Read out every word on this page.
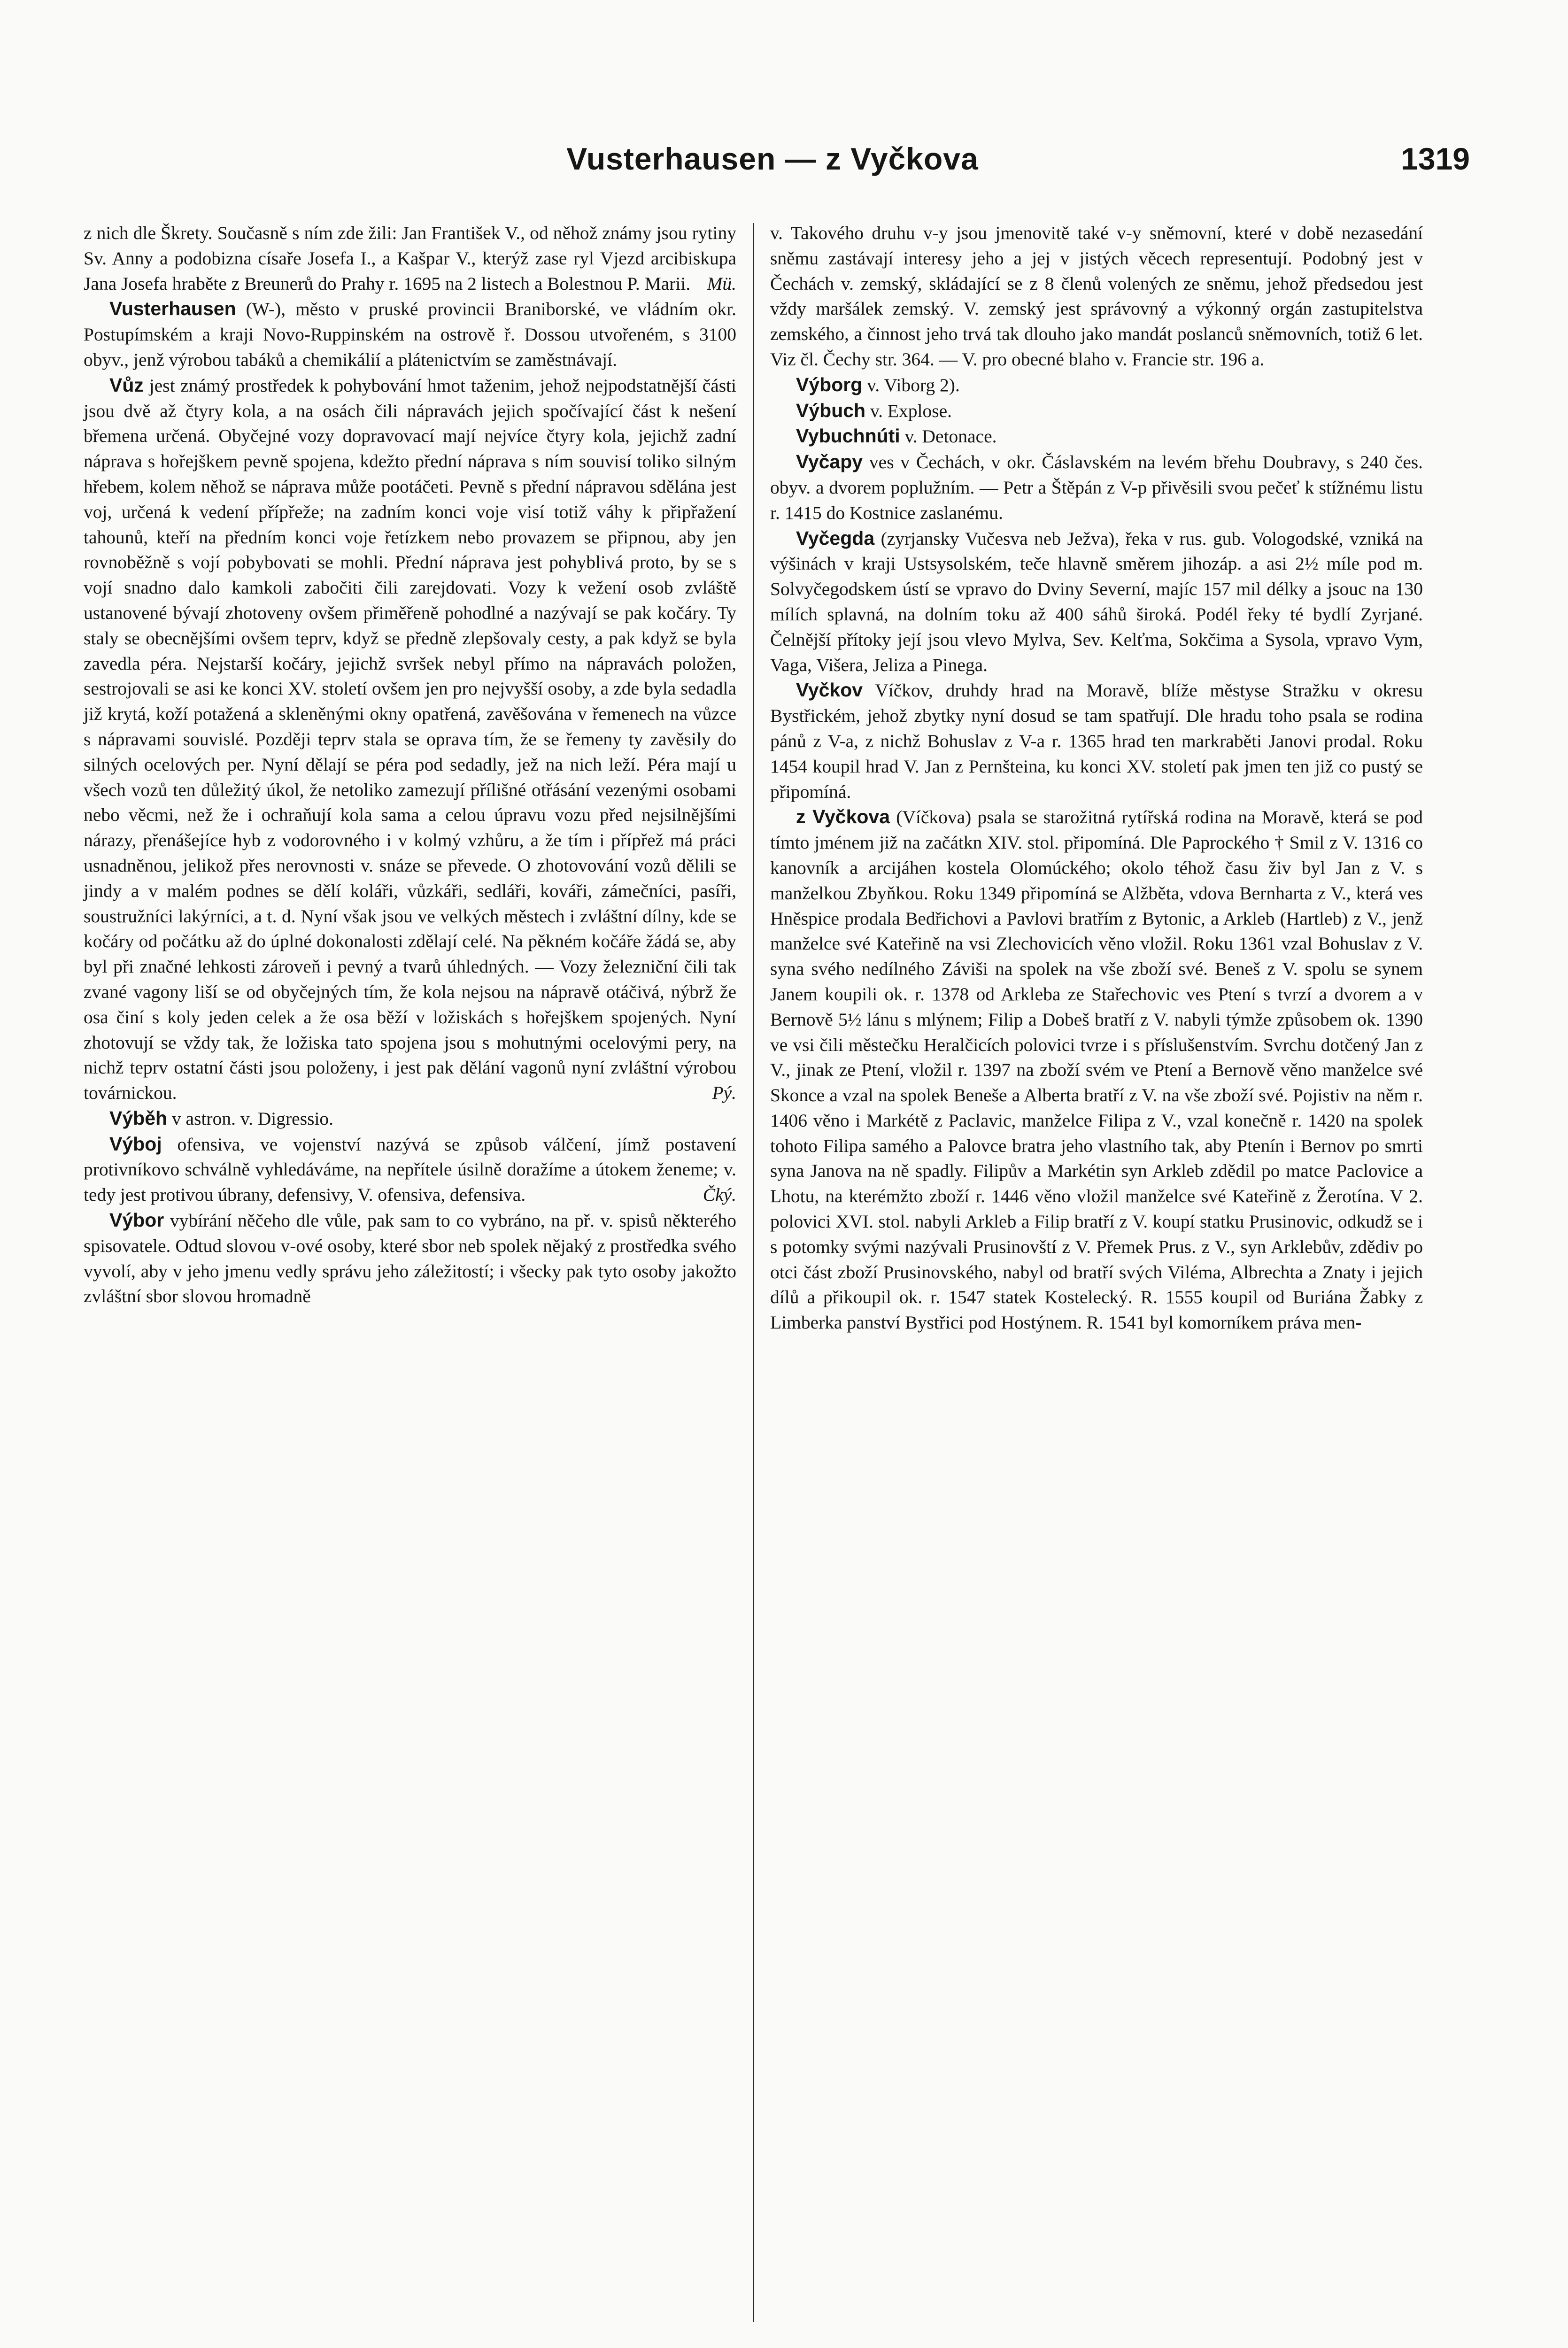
Vusterhausen — z Vyčkova	1319

z nich dle Škrety. Současně s ním zde žili: Jan František V., od něhož známy jsou rytiny Sv. Anny a podobizna císaře Josefa I., a Kašpar V., kterýž zase ryl Vjezd arcibiskupa Jana Josefa hraběte z Breunerů do Prahy r. 1695 na 2 listech a Bolestnou P. Marii. Mü.

Vusterhausen (W-), město v pruské provincii Braniborské, ve vládním okr. Postupímském a kraji Novo-Ruppinském na ostrově ř. Dossou utvořeném, s 3100 obyv., jenž výrobou tabáků a chemikálií a plátenictvím se zaměstnávají.

Vůz jest známý prostředek k pohybování hmot taženim, jehož nejpodstatnější části jsou dvě až čtyry kola, a na osách čili nápravách jejich spočívající část k nešení břemena určená. Obyčejné vozy dopravovací mají nejvíce čtyry kola, jejichž zadní náprava s hořejškem pevně spojena, kdežto přední náprava s ním souvisí toliko silným hřebem, kolem něhož se náprava může pootáčeti. Pevně s přední nápravou sdělána jest voj, určená k vedení přípřeže; na zadním konci voje visí totiž váhy k připřažení tahounů, kteří na předním konci voje řetízkem nebo provazem se připnou, aby jen rovnoběžně s vojí pobybovati se mohli. Přední náprava jest pohyblivá proto, by se s vojí snadno dalo kamkoli zabočiti čili zarejdovati. Vozy k vežení osob zvláště ustanovené bývají zhotoveny ovšem přiměřeně pohodlné a nazývají se pak kočáry. Ty staly se obecnějšími ovšem teprv, když se předně zlepšovaly cesty, a pak když se byla zavedla péra. Nejstarší kočáry, jejichž svršek nebyl přímo na nápravách položen, sestrojovali se asi ke konci XV. století ovšem jen pro nejvyšší osoby, a zde byla sedadla již krytá, koží potažená a skleněnými okny opatřená, zavěšována v řemenech na vůzce s nápravami souvislé. Později teprv stala se oprava tím, že se řemeny ty zavěsily do silných ocelových per. Nyní dělají se péra pod sedadly, jež na nich leží. Péra mají u všech vozů ten důležitý úkol, že netoliko zamezují přílišné otřásání vezenými osobami nebo věcmi, než že i ochraňují kola sama a celou úpravu vozu před nejsilnějšími nárazy, přenášejíce hyb z vodorovného i v kolmý vzhůru, a že tím i přípřež má práci usnadněnou, jelikož přes nerovnosti v. snáze se převede. O zhotovování vozů dělili se jindy a v malém podnes se dělí koláři, vůzkáři, sedláři, kováři, zámečníci, pasíři, soustružníci lakýrníci, a t. d. Nyní však jsou ve velkých městech i zvláštní dílny, kde se kočáry od počátku až do úplné dokonalosti zdělají celé. Na pěkném kočáře žádá se, aby byl při značné lehkosti zároveň i pevný a tvarů úhledných. — Vozy železniční čili tak zvané vagony liší se od obyčejných tím, že kola nejsou na nápravě otáčivá, nýbrž že osa činí s koly jeden celek a že osa běží v ložiskách s hořejškem spojených. Nyní zhotovují se vždy tak, že ložiska tato spojena jsou s mohutnými ocelovými pery, na nichž teprv ostatní části jsou položeny, i jest pak dělání vagonů nyní zvláštní výrobou továrnickou.	Pý.

Výběh v astron. v. Digressio.

Výboj ofensiva, ve vojenství nazývá se způsob válčení, jímž postavení protivníkovo schválně vyhledáváme, na nepřítele úsilně doražíme a útokem ženeme; v. tedy jest protivou úbrany, defensivy, V. ofensiva, defensiva.	Čký.

Výbor vybírání něčeho dle vůle, pak sam to co vybráno, na př. v. spisů některého spisovatele. Odtud slovou v-ové osoby, které sbor neb spolek nějaký z prostředka svého vyvolí, aby v jeho jmenu vedly správu jeho záležitostí; i všecky pak tyto osoby jakožto zvláštní sbor slovou hromadně

v. Takového druhu v-y jsou jmenovitě také v-y sněmovní, které v době nezasedání sněmu zastávají interesy jeho a jej v jistých věcech representují. Podobný jest v Čechách v. zemský, skládající se z 8 členů volených ze sněmu, jehož předsedou jest vždy maršálek zemský. V. zemský jest správovný a výkonný orgán zastupitelstva zemského, a činnost jeho trvá tak dlouho jako mandát poslanců sněmovních, totiž 6 let. Viz čl. Čechy str. 364. — V. pro obecné blaho v. Francie str. 196 a.

Výborg v. Viborg 2).

Výbuch v. Explose.

Vybuchnúti v. Detonace.

Vyčapy ves v Čechách, v okr. Čáslavském na levém břehu Doubravy, s 240 čes. obyv. a dvorem poplužním. — Petr a Štěpán z V-p přivěsili svou pečeť k stížnému listu r. 1415 do Kostnice zaslanému.

Vyčegda (zyrjansky Vučesva neb Ježva), řeka v rus. gub. Vologodské, vzniká na výšinách v kraji Ustsysolském, teče hlavně směrem jihozáp. a asi 2½ míle pod m. Solvyčegodskem ústí se vpravo do Dviny Severní, majíc 157 mil délky a jsouc na 130 mílích splavná, na dolním toku až 400 sáhů široká. Podél řeky té bydlí Zyrjané. Čelnější přítoky její jsou vlevo Mylva, Sev. Kelťma, Sokčima a Sysola, vpravo Vym, Vaga, Višera, Jeliza a Pinega.

Vyčkov Víčkov, druhdy hrad na Moravě, blíže městyse Stražku v okresu Bystřickém, jehož zbytky nyní dosud se tam spatřují. Dle hradu toho psala se rodina pánů z V-a, z nichž Bohuslav z V-a r. 1365 hrad ten markraběti Janovi prodal. Roku 1454 koupil hrad V. Jan z Pernšteina, ku konci XV. století pak jmen ten již co pustý se připomíná.

z Vyčkova (Víčkova) psala se starožitná rytířská rodina na Moravě, která se pod tímto jménem již na začátkn XIV. stol. připomíná. Dle Paprockého † Smil z V. 1316 co kanovník a arcijáhen kostela Olomúckého; okolo téhož času živ byl Jan z V. s manželkou Zbyňkou. Roku 1349 připomíná se Alžběta, vdova Bernharta z V., která ves Hněspice prodala Bedřichovi a Pavlovi bratřím z Bytonic, a Arkleb (Hartleb) z V., jenž manželce své Kateřině na vsi Zlechovicích věno vložil. Roku 1361 vzal Bohuslav z V. syna svého nedílného Záviši na spolek na vše zboží své. Beneš z V. spolu se synem Janem koupili ok. r. 1378 od Arkleba ze Stařechovic ves Ptení s tvrzí a dvorem a v Bernově 5½ lánu s mlýnem; Filip a Dobeš bratří z V. nabyli týmže způsobem ok. 1390 ve vsi čili městečku Heralčicích polovici tvrze i s příslušenstvím. Svrchu dotčený Jan z V., jinak ze Ptení, vložil r. 1397 na zboží svém ve Ptení a Bernově věno manželce své Skonce a vzal na spolek Beneše a Alberta bratří z V. na vše zboží své. Pojistiv na něm r. 1406 věno i Markétě z Paclavic, manželce Filipa z V., vzal konečně r. 1420 na spolek tohoto Filipa samého a Palovce bratra jeho vlastního tak, aby Ptenín i Bernov po smrti syna Janova na ně spadly. Filipův a Markétin syn Arkleb zdědil po matce Paclovice a Lhotu, na kterémžto zboží r. 1446 věno vložil manželce své Kateřině z Žerotína. V 2. polovici XVI. stol. nabyli Arkleb a Filip bratří z V. koupí statku Prusinovic, odkudž se i s potomky svými nazývali Prusinovští z V. Přemek Prus. z V., syn Arklebův, zdědiv po otci část zboží Prusinovského, nabyl od bratří svých Viléma, Albrechta a Znaty i jejich dílů a přikoupil ok. r. 1547 statek Kostelecký. R. 1555 koupil od Buriána Žabky z Limberka panství Bystřici pod Hostýnem. R. 1541 byl komorníkem práva men-
